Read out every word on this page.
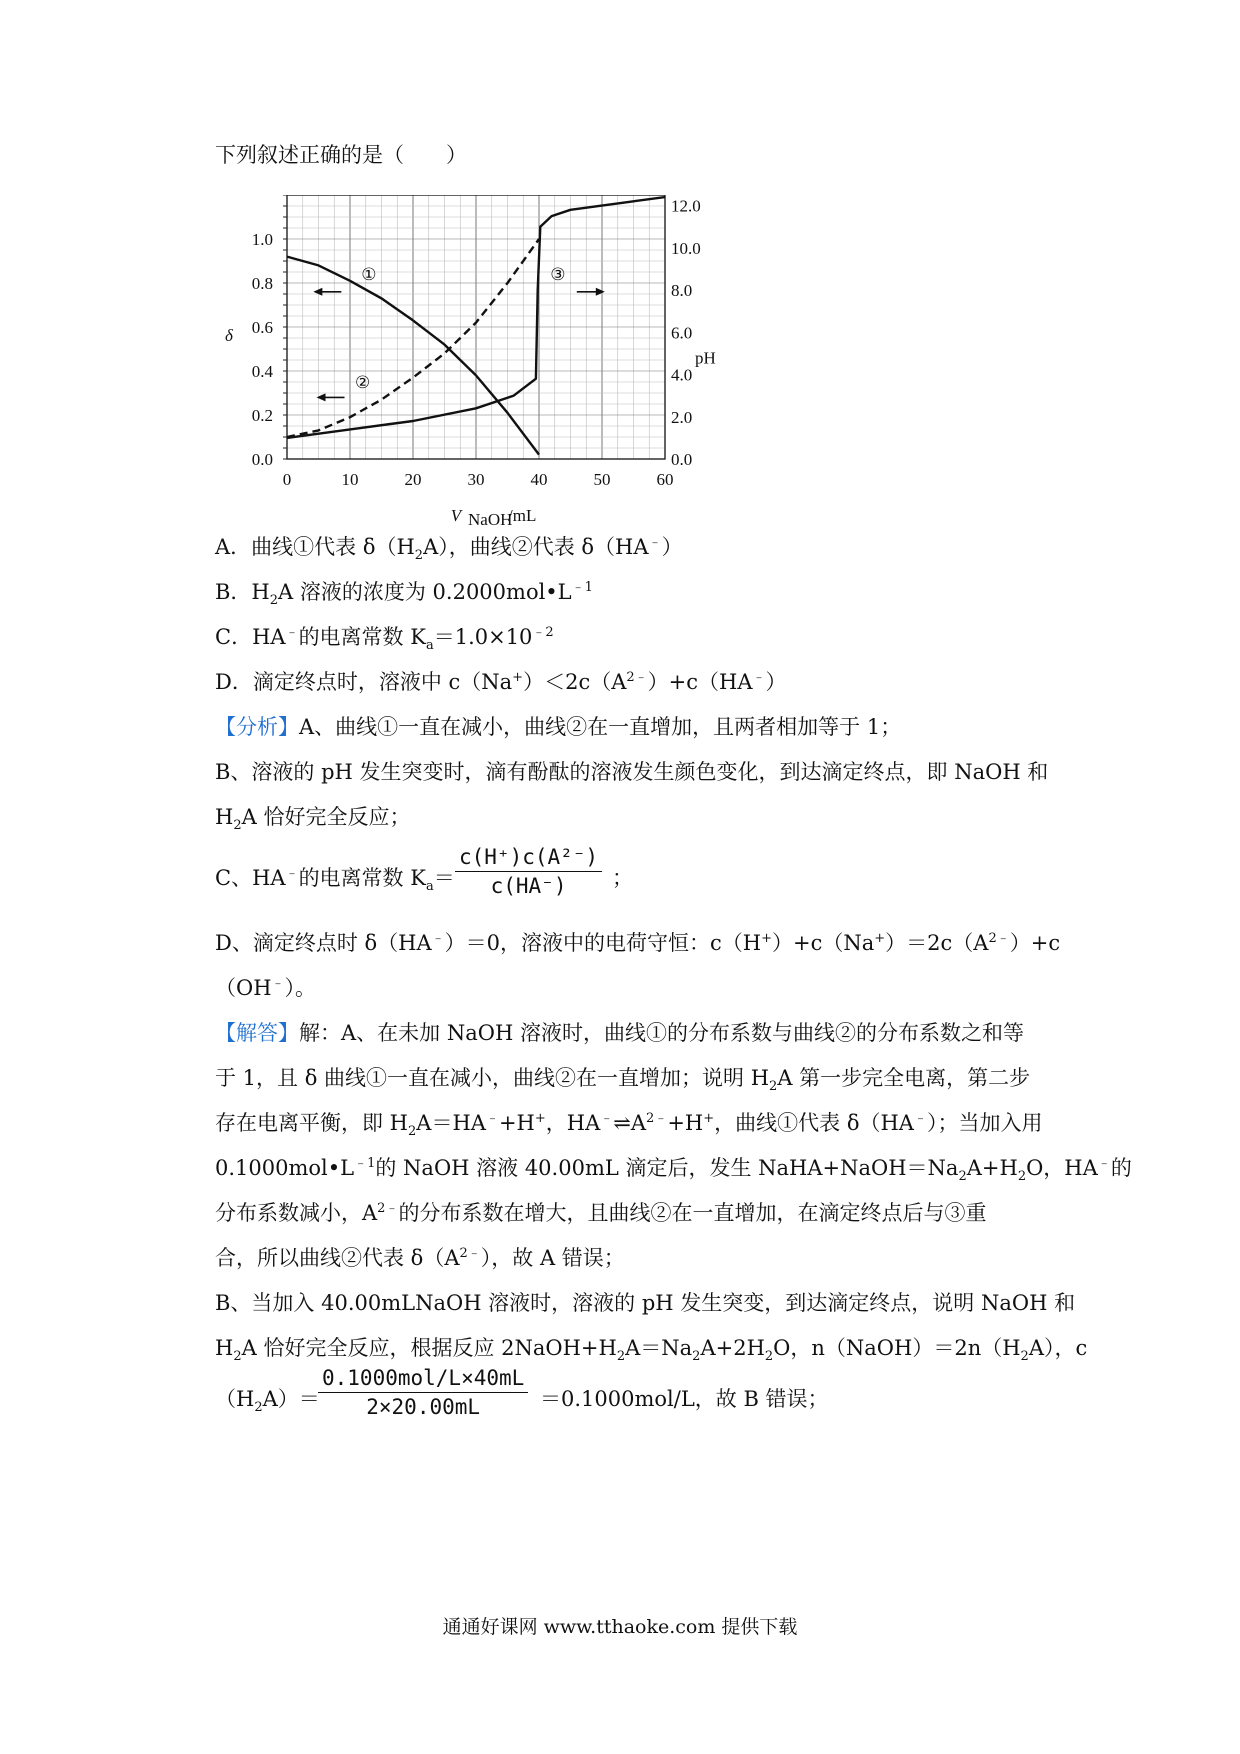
下列叙述正确的是（　　）
0	10	20	30	40	50	60
0.0
0.2
0.4
0.6
0.8
1.0
0.0
2.0
4.0
6.0
8.0
10.0
12.0
V NaOH
/mL
δ
pH
①
②
③
A．曲线①代表 $\delta(H_2A)$，曲线②代表 δ（HA﹣）
B．$H_2A$ 溶液的浓度为 $0.2000mol•L^{﹣1}$
C．HA﹣的电离常数 $K_a=1.0\times 10^{﹣2}$
D．滴定终点时，溶液中 $c(Na^+)<2c(A^{2﹣})+c(HA^﹣)$
【分析】A、曲线①一直在减小，曲线②在一直增加，且两者相加等于 1；
B、溶液的 pH 发生突变时，滴有酚酞的溶液发生颜色变化，到达滴定终点，即 NaOH 和
$H_2A$ 恰好完全反应；
C、HA﹣的电离常数 $K_a=$
c(H⁺)c(A²⁻)
c(HA⁻) ；
D、滴定终点时 δ（HA﹣）＝0，溶液中的电荷守恒：$c(H^+)+c(Na^+)=2c(A^{2﹣})+c$
（OH﹣）。
【解答】解：A、在未加 NaOH 溶液时，曲线①的分布系数与曲线②的分布系数之和等
于 1，且 δ 曲线①一直在减小，曲线②在一直增加；说明 $H_2A$ 第一步完全电离，第二步
存在电离平衡，即 $H_2A=HA^﹣+H^+$，$HA^﹣\rightleftharpoons A^{2﹣}+H^+$，曲线①代表 δ（HA﹣）；当加入用
$0.1000mol•L^{﹣1}$的 NaOH 溶液 40.00mL 滴定后，发生 $NaHA+NaOH=Na_2A+H_2O$，HA﹣的
分布系数减小，$A^{2﹣}$的分布系数在增大，且曲线②在一直增加，在滴定终点后与③重
合，所以曲线②代表 $\delta(A^{2﹣})$，故 A 错误；
B、当加入 40.00mLNaOH 溶液时，溶液的 pH 发生突变，到达滴定终点，说明 NaOH 和
$H_2A$ 恰好完全反应，根据反应 $2NaOH+H_2A=Na_2A+2H_2O$，$n(NaOH)=2n(H_2A)$，c
$(H_2A)=$
0.1000mol/L×40mL
2×20.00mL	＝0.1000mol/L，故 B 错误；
通通好课网 www.tthaoke.com 提供下载
